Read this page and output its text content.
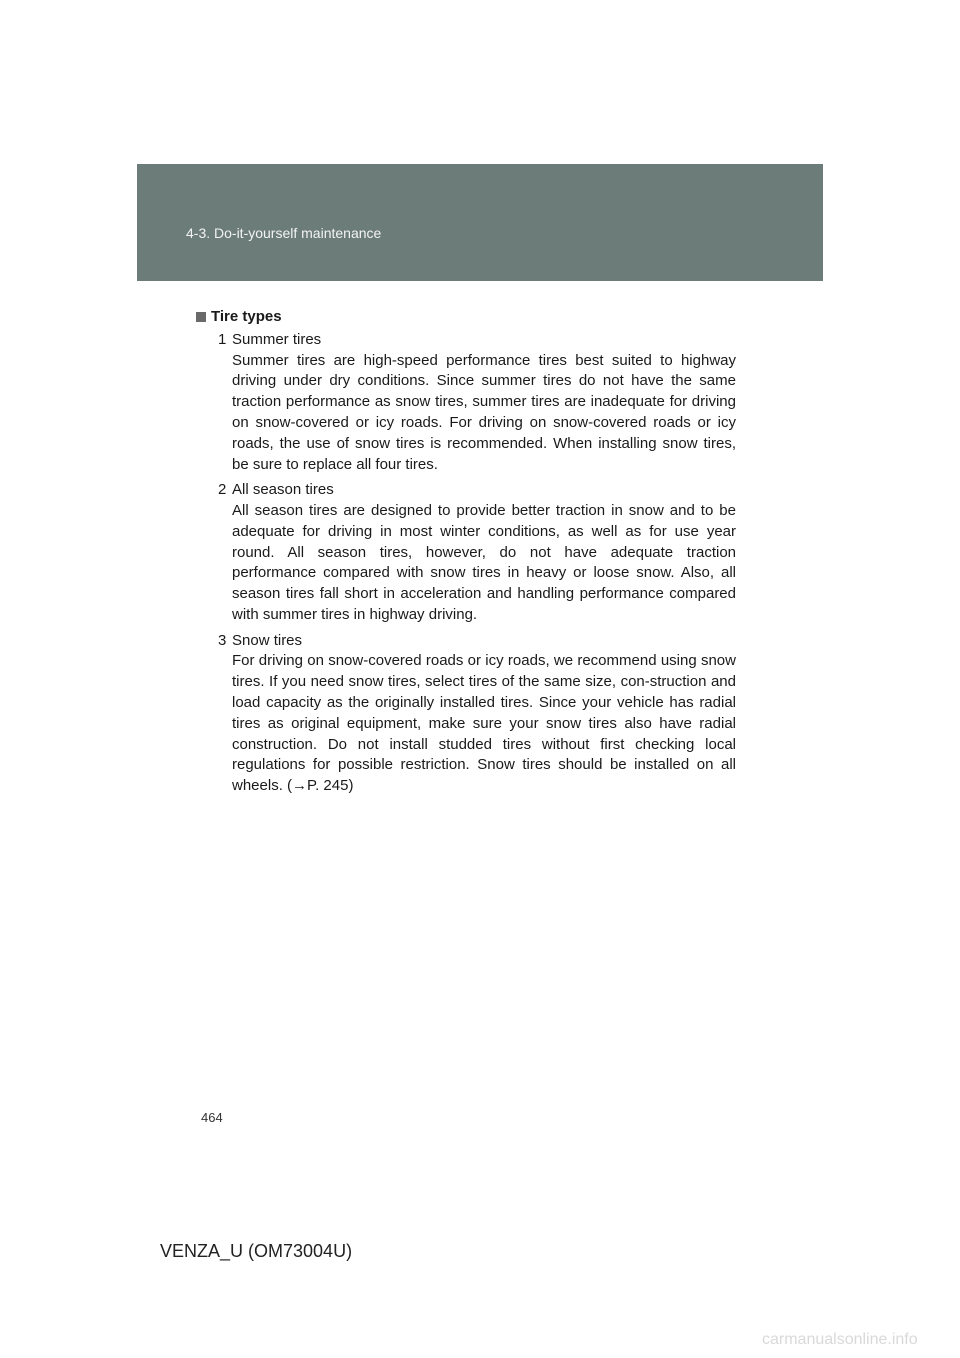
4-3. Do-it-yourself maintenance
Tire types
1 Summer tires
Summer tires are high-speed performance tires best suited to highway driving under dry conditions. Since summer tires do not have the same traction performance as snow tires, summer tires are inadequate for driving on snow-covered or icy roads. For driving on snow-covered roads or icy roads, the use of snow tires is recommended. When installing snow tires, be sure to replace all four tires.
2 All season tires
All season tires are designed to provide better traction in snow and to be adequate for driving in most winter conditions, as well as for use year round. All season tires, however, do not have adequate traction performance compared with snow tires in heavy or loose snow. Also, all season tires fall short in acceleration and handling performance compared with summer tires in highway driving.
3 Snow tires
For driving on snow-covered roads or icy roads, we recommend using snow tires. If you need snow tires, select tires of the same size, con-struction and load capacity as the originally installed tires. Since your vehicle has radial tires as original equipment, make sure your snow tires also have radial construction. Do not install studded tires without first checking local regulations for possible restriction. Snow tires should be installed on all wheels. (→P. 245)
464
VENZA_U (OM73004U)
carmanualsonline.info
